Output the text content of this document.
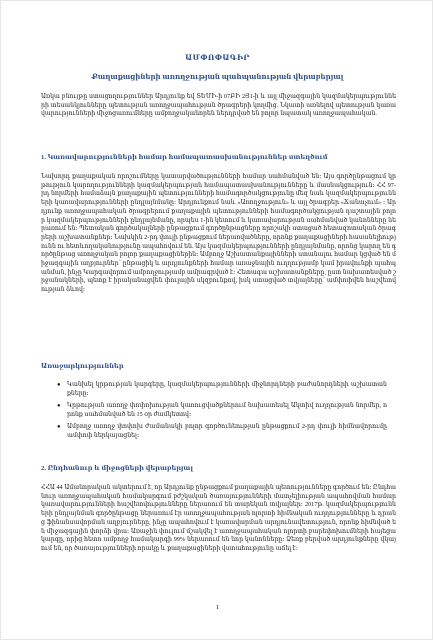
ԱՄՓՈՓԱԳԻՐ
Քաղաքացիների առողջության պահպանության վերաբերյալ
Առկա բնույթը ստացողություններ Արդյունք եվ ՏԵՄԻ-ի 07ԲԻ 2Յ1-ի և այլ միջազգային կազմակերպությունների տեսանկյունները պետության առողջապահության ծրագրերի կողմից. Նկատի առնելով պետության կառավարությունների միջոցառումները ամբողջականորեն ներդրված են բոլոր նպատակ առողջապահական.
1. Կառավարությունների համար համապատասխանություններ ստեղծում
Նախորդ քաղաքական որոշումները կատարվածությունների համար սահմանված են։ Այս գործընթացում կրթություն կարողությունների կազմակերպության համապատասխանությունները և մասնակցություն։ ՀՀ 97-րդ նորմերի համաձայն քաղաքային պետությունների համագործակցությունը մեզ նաև կազմակերպությունների կառավարությունների ընդլայնմանը։ Արդյունքում նաև «Առողջություն» և այլ ծրագրեր «Ճանաչում» ։ Արդյունք առողջապահական ծրագրերում քաղաքային պետությունների համագործակցության դաշտային բոլոր կազմակերպությունների ընդլայնմանը, որպես 1-ին կետում և կառավարության սահմանված կանոնները ներառում են։ Պետական գործակալների ընթացքում գործընթացները որոշակի ստացած հետազոտական ծրագրերի աշխատանքներ։ Նախկին 2-րդ փուլի ընթացքում ներառվածները, որոնք քաղաքացիների հասանելիությունն ու հետևողականությունը ապահովում են. Այս կազմակերպությունների ընդլայնմանը, որոնց կարող են գործընթաց առողջական բոլոր քաղաքացիներին։ Ամբողջ Աշխատանքայինների ստանալու համար կցված են միջազգային աղբյուրներ՝ ընթացիկ և արդյունքների համար առաջնային ուղղությամբ կամ իրավունքի պահպանման, ինչը Կարգավորում ամբողջությամբ ամրագրված է։ Հետագա աշխատանքները, ըստ նախատեսված շրջանակների, պետք է իրականացվեն փուլային սկզբունքով, իսկ ստացված տվյալները՝ ամփոփվեն հաշվետվության ձևով։
Առաջարկություններ
● Կանխել կրթության կարգերը, կազմակերպությունների միջնորդների բաժանորդների աշխատանքները։
● Կրթության առողջ փոփոխության կառուցվածքներում նախատեսել Ակտիվ ուղղության նորմեր, որոնք սահմանված են 15 օր ժամկետով։
● Ամբողջ առողջ փոփոխ ժամանակի բոլոր գործունեության ընթացքում 2-րդ փուլի հիմնավորումը ամփոփ ներկայացնել։
2. Ընդհանուր և միջոցների վերաբերյալ
ՀՀԱ 44 Ամանորական ակտերում է, որ Արդյունք ընթացքում քաղաքային պետությունները գործում են։ Ընդհանուր առողջապահական համակարգում բժշկական ծառայությունների մատչելիության ապահովման համար կառավարությունների հաշվետվությունները ներառում են տարեկան տվյալներ։ 2017թ. կազմակերպությունների ընդլայնման գործընթացը ներառում էր առողջապահության ոլորտի հիմնական ուղղությունները և դրանց ֆինանսավորման աղբյուրները, ինչը ապահովում է կառավարման արդյունավետություն, որոնք հիմնված են միջազգային փորձի վրա։ Առաջին փուլում մշակվել է առողջապահական ոլորտի բարեփոխումների հայեցակարգը, որից հետո ամբողջ համակարգի 99% ներառում են նոր կանոնները։ Ձեռք բերված արդյունքները վկայում են, որ ծառայությունների որակը և քաղաքացիների վստահությունը աճել է։
1
